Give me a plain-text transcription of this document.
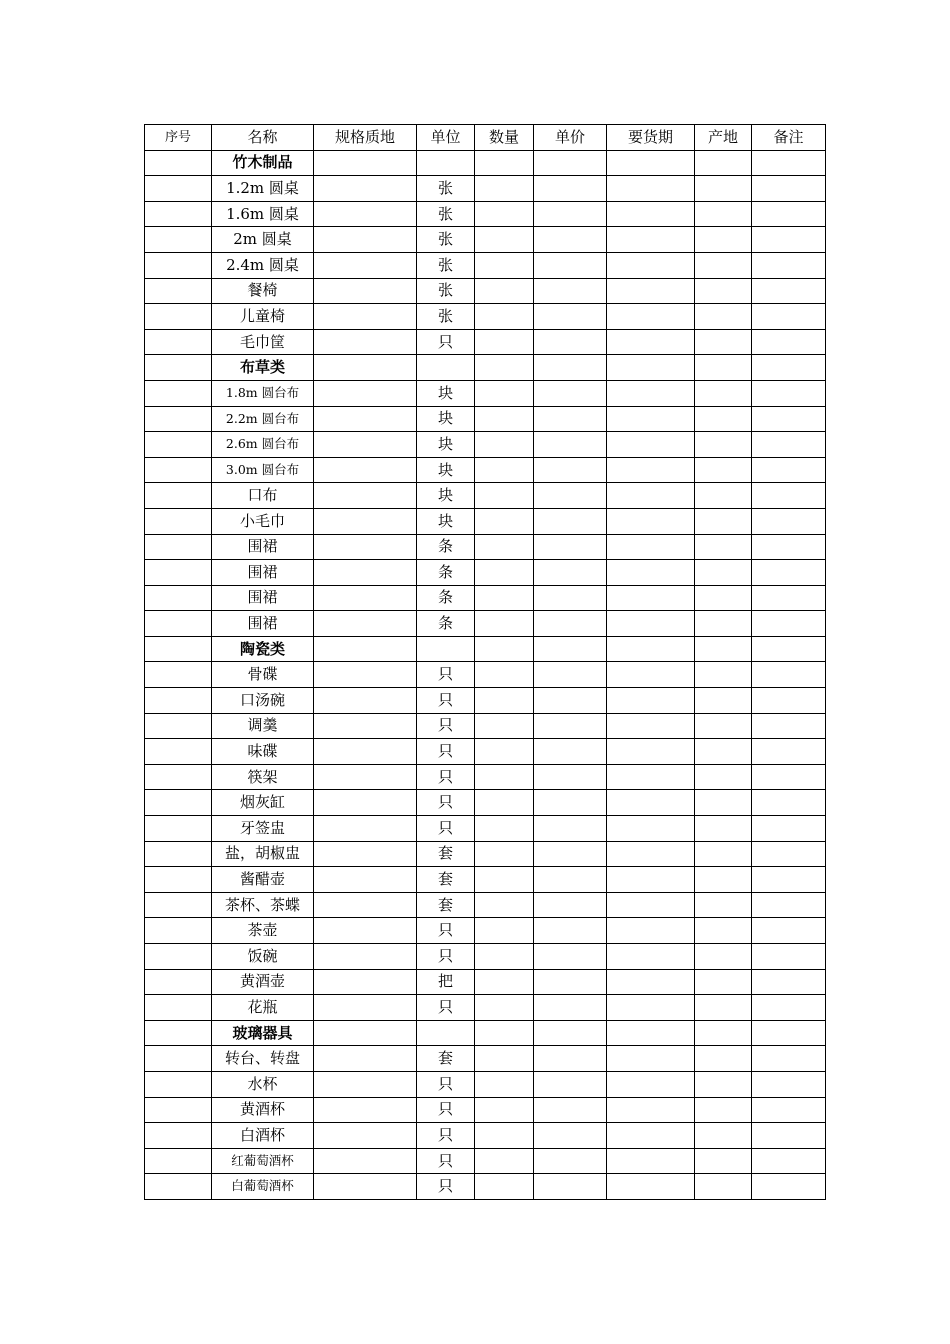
序号	名称	规格质地	单位	数量	单价	要货期	产地	备注
	竹木制品							
	1.2m 圆桌		张					
	1.6m 圆桌		张					
	2m 圆桌		张					
	2.4m 圆桌		张					
	餐椅		张					
	儿童椅		张					
	毛巾筐		只					
	布草类							
	1.8m 圆台布		块					
	2.2m 圆台布		块					
	2.6m 圆台布		块					
	3.0m 圆台布		块					
	口布		块					
	小毛巾		块					
	围裙		条					
	围裙		条					
	围裙		条					
	围裙		条					
	陶瓷类							
	骨碟		只					
	口汤碗		只					
	调羹		只					
	味碟		只					
	筷架		只					
	烟灰缸		只					
	牙签盅		只					
	盐，胡椒盅		套					
	酱醋壶		套					
	茶杯、茶蝶		套					
	茶壶		只					
	饭碗		只					
	黄酒壶		把					
	花瓶		只					
	玻璃器具							
	转台、转盘		套					
	水杯		只					
	黄酒杯		只					
	白酒杯		只					
	红葡萄酒杯		只					
	白葡萄酒杯		只					
